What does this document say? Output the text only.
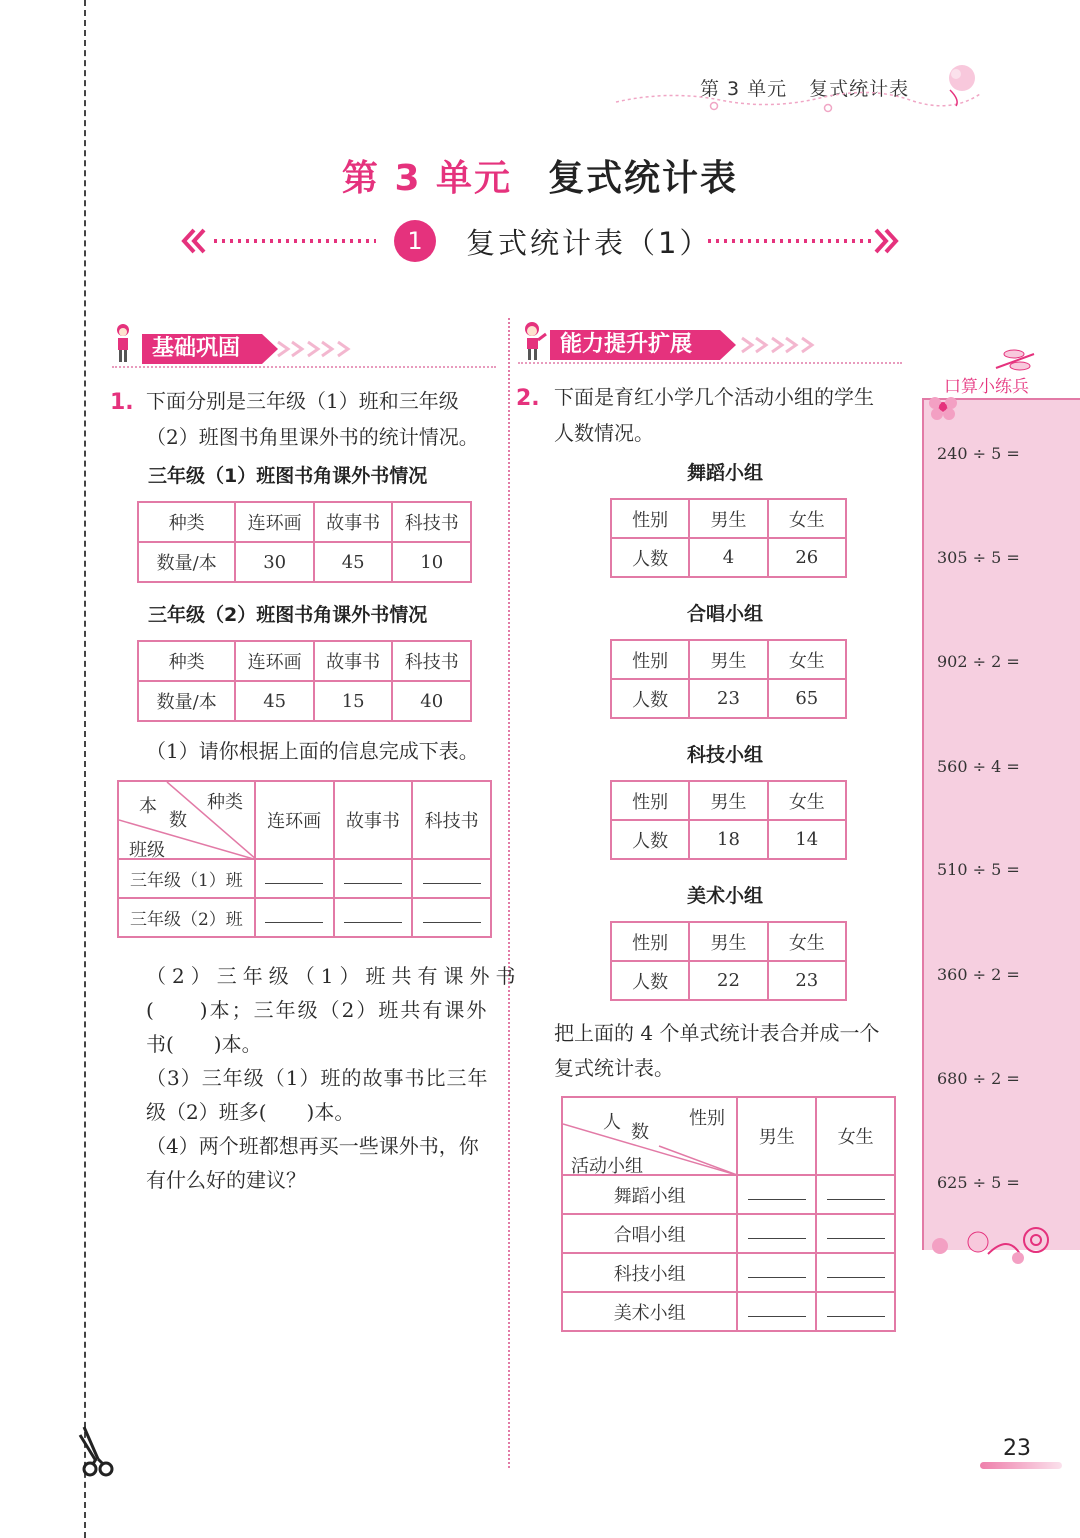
第 3 单元 复式统计表
第 3 单元 复式统计表
1	复式统计表（1）
基础巩固
1. 下面分别是三年级（1）班和三年级
（2）班图书角里课外书的统计情况。
三年级（1）班图书角课外书情况
种类	连环画	故事书	科技书
数量/本	30	45	10
三年级（2）班图书角课外书情况
种类	连环画	故事书	科技书
数量/本	45	15	40
（1）请你根据上面的信息完成下表。
种类
本
数
班级	连环画	故事书	科技书
三年级（1）班			
三年级（2）班			
（2）三年级（1）班共有课外书
(　　)本；三年级（2）班共有课外
书(　　)本。
（3）三年级（1）班的故事书比三年
级（2）班多(　　)本。
（4）两个班都想再买一些课外书，你
有什么好的建议？
能力提升扩展
2. 下面是育红小学几个活动小组的学生
人数情况。
舞蹈小组
性别	男生	女生
人数	4	26
合唱小组
性别	男生	女生
人数	23	65
科技小组
性别	男生	女生
人数	18	14
美术小组
性别	男生	女生
人数	22	23
把上面的 4 个单式统计表合并成一个
复式统计表。
性别
人 数
活动小组	男生	女生
舞蹈小组		
合唱小组		
科技小组		
美术小组		
口算小练兵
240 ÷ 5 =
305 ÷ 5 =
902 ÷ 2 =
560 ÷ 4 =
510 ÷ 5 =
360 ÷ 2 =
680 ÷ 2 =
625 ÷ 5 =
23
